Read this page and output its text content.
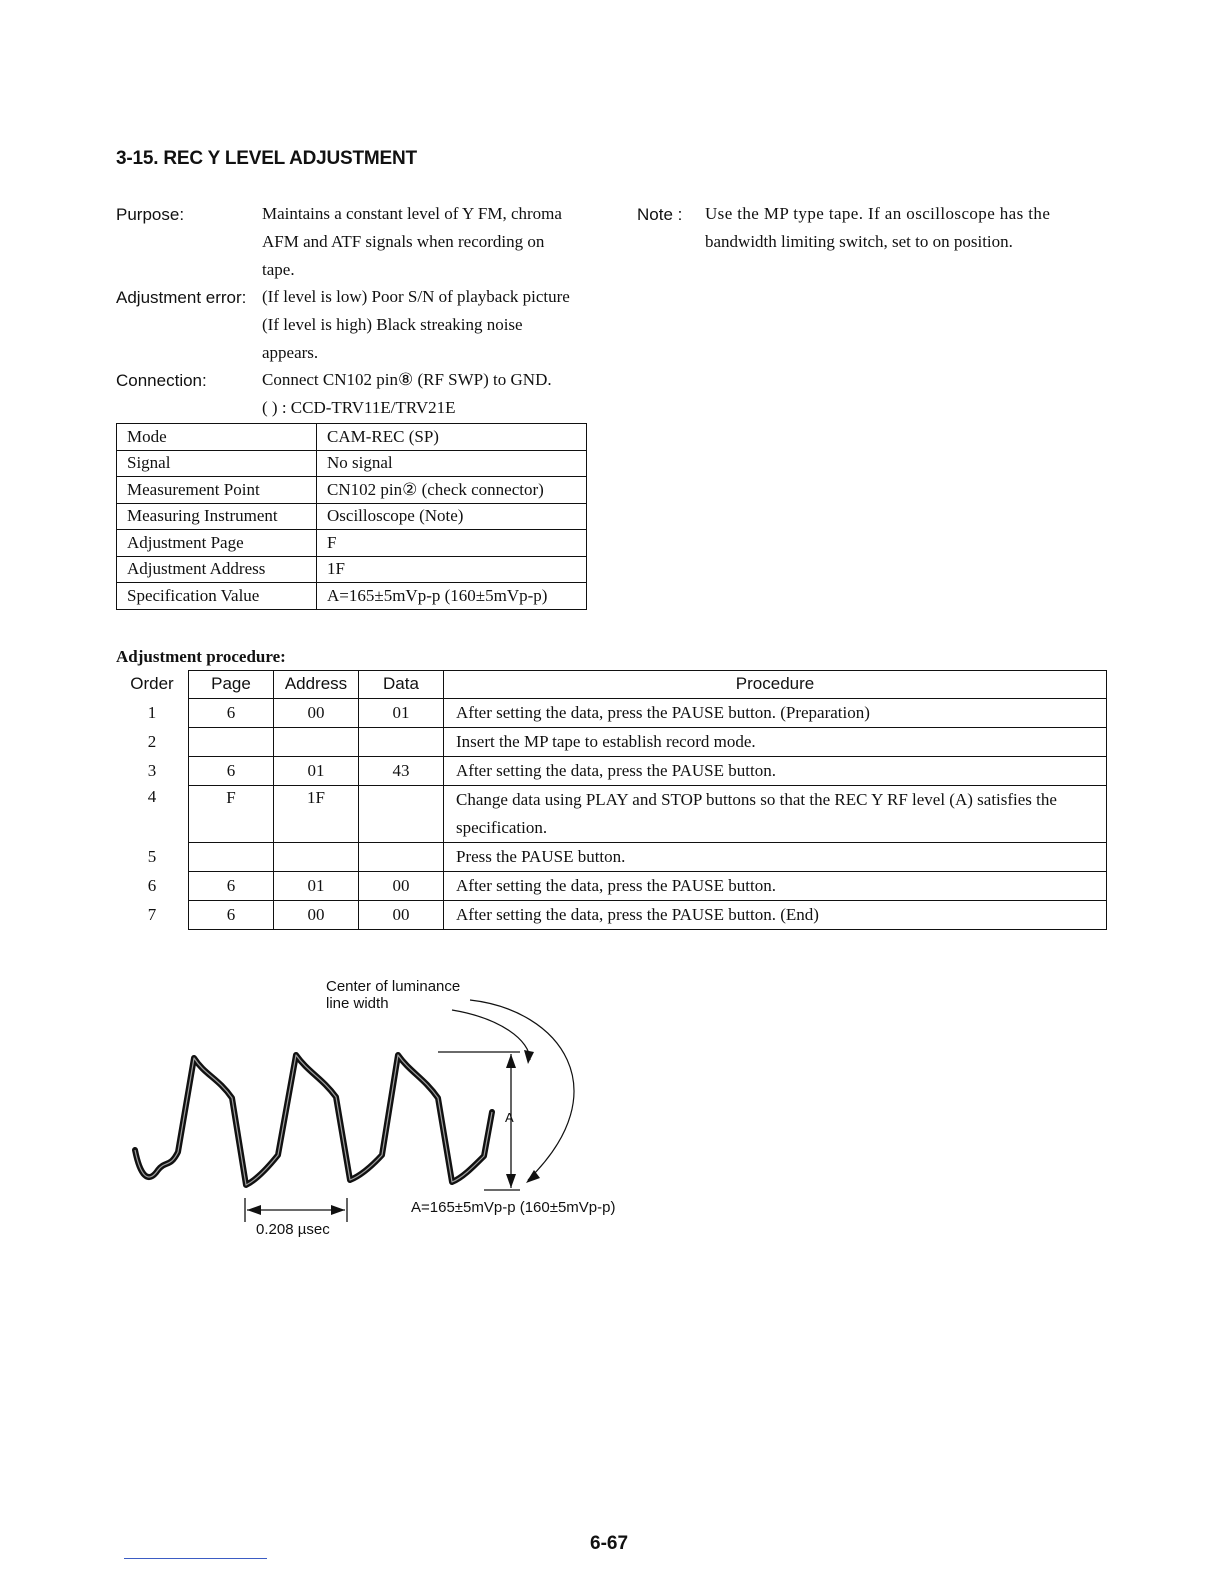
3-15. REC Y LEVEL ADJUSTMENT
Purpose:	Maintains a constant level of Y FM, chroma
AFM and ATF signals when recording on
tape.
Adjustment error: (If level is low) Poor S/N of playback picture
(If level is high) Black streaking noise
appears.
Connection:	Connect CN102 pin⑧ (RF SWP) to GND.
( ) : CCD-TRV11E/TRV21E
Note : Use the MP type tape. If an oscilloscope has the
bandwidth limiting switch, set to on position.
Mode	CAM-REC (SP)
Signal	No signal
Measurement Point	CN102 pin② (check connector)
Measuring Instrument	Oscilloscope (Note)
Adjustment Page	F
Adjustment Address	1F
Specification Value	A=165±5mVp-p (160±5mVp-p)
Adjustment procedure:
Order	Page	Address	Data	Procedure
1	6	00	01	After setting the data, press the PAUSE button. (Preparation)
2				Insert the MP tape to establish record mode.
3	6	01	43	After setting the data, press the PAUSE button.
4	F	1F		Change data using PLAY and STOP buttons so that the REC Y RF level (A) satisfies the
specification.

5				Press the PAUSE button.
6	6	01	00	After setting the data, press the PAUSE button.
7	6	00	00	After setting the data, press the PAUSE button. (End)
Center of luminance
line width
A
A=165±5mVp-p (160±5mVp-p)
0.208 µsec
6-67
